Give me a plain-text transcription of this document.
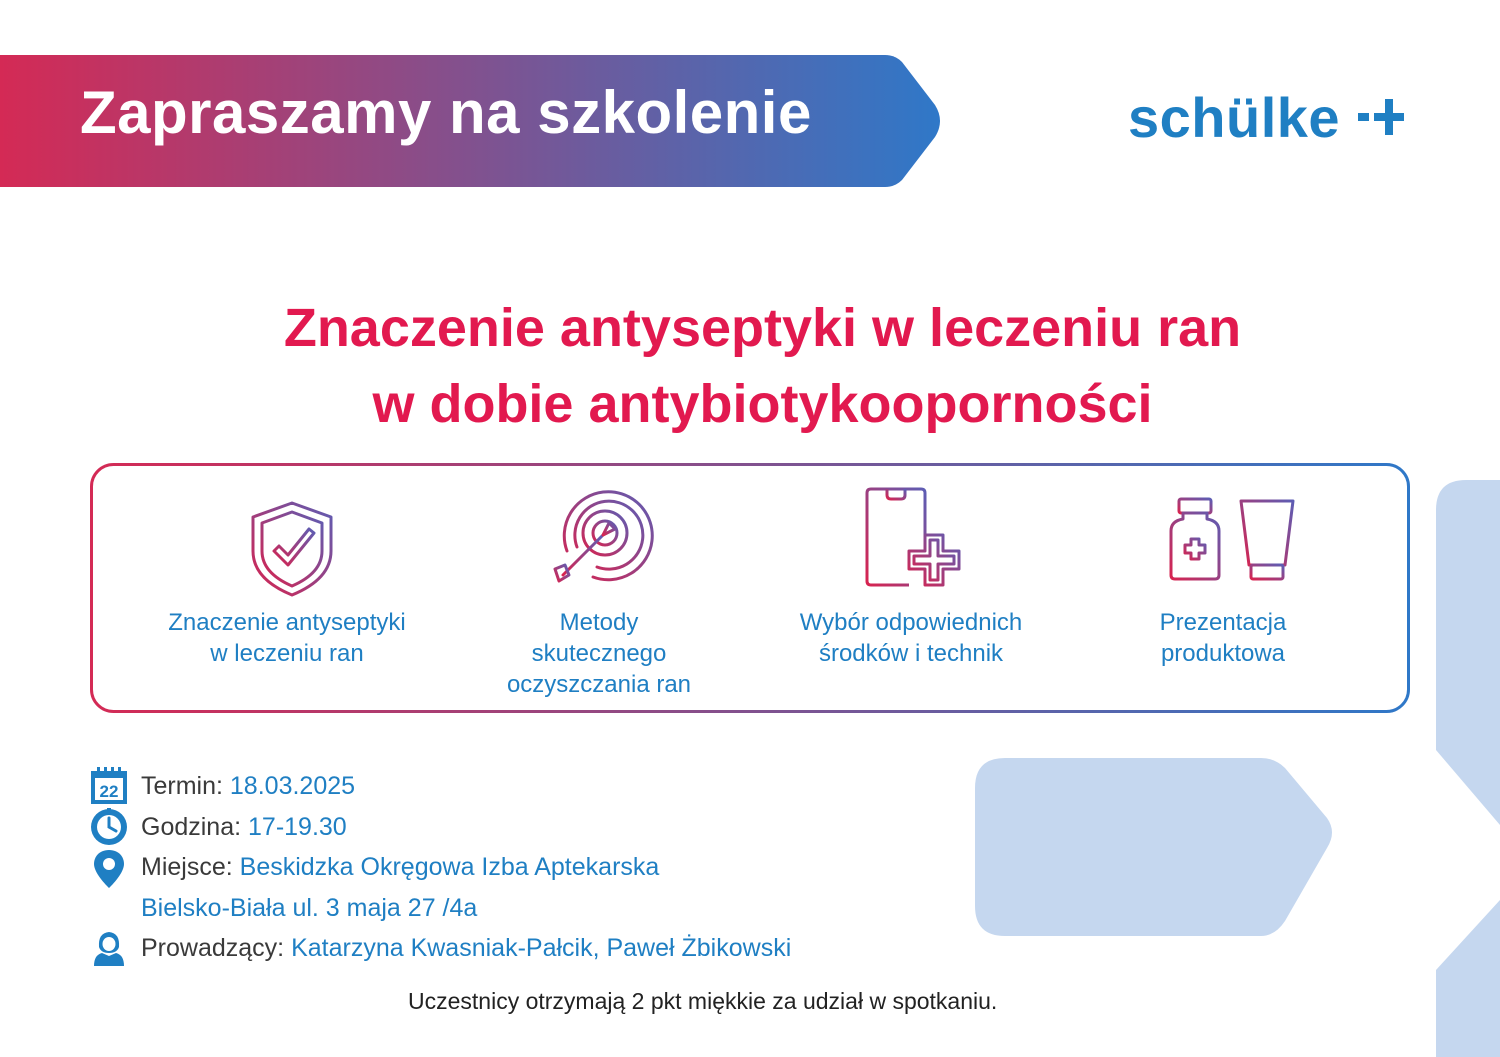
Zapraszamy na szkolenie	schülke
Znaczenie antyseptyki w leczeniu ran
w dobie antybiotykooporności
Znaczenie antyseptyki
w leczeniu ran
Metody
skutecznego
oczyszczania ran
Wybór odpowiednich
środków i technik
Prezentacja
produktowa
22 Termin: 18.03.2025
Godzina: 17-19.30
Miejsce: Beskidzka Okręgowa Izba Aptekarska
Bielsko-Biała ul. 3 maja 27 /4a
Prowadzący: Katarzyna Kwasniak-Pałcik, Paweł Żbikowski
Uczestnicy otrzymają 2 pkt miękkie za udział w spotkaniu.
